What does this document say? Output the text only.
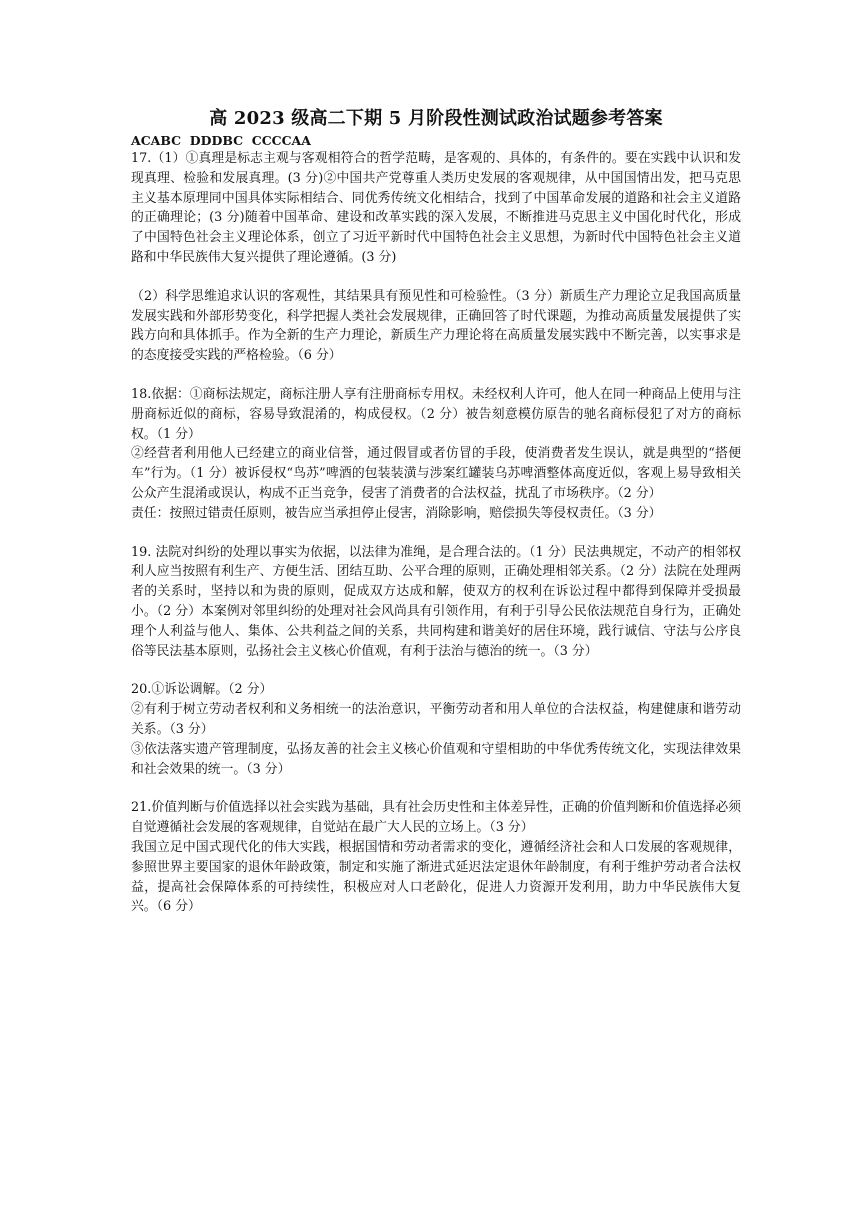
高 2023 级高二下期 5 月阶段性测试政治试题参考答案
ACABC  DDDBC  CCCCAA

17.（1）①真理是标志主观与客观相符合的哲学范畴，是客观的、具体的，有条件的。要在实践中认识和发现真理、检验和发展真理。(3 分)②中国共产党尊重人类历史发展的客观规律，从中国国情出发，把马克思主义基本原理同中国具体实际相结合、同优秀传统文化相结合，找到了中国革命发展的道路和社会主义道路的正确理论；(3 分)随着中国革命、建设和改革实践的深入发展，不断推进马克思主义中国化时代化，形成了中国特色社会主义理论体系，创立了习近平新时代中国特色社会主义思想，为新时代中国特色社会主义道路和中华民族伟大复兴提供了理论遵循。(3 分)

（2）科学思维追求认识的客观性，其结果具有预见性和可检验性。（3 分）新质生产力理论立足我国高质量发展实践和外部形势变化，科学把握人类社会发展规律，正确回答了时代课题，为推动高质量发展提供了实践方向和具体抓手。作为全新的生产力理论，新质生产力理论将在高质量发展实践中不断完善，以实事求是的态度接受实践的严格检验。（6 分）

18.依据：①商标法规定，商标注册人享有注册商标专用权。未经权利人许可，他人在同一种商品上使用与注册商标近似的商标，容易导致混淆的，构成侵权。（2 分）被告刻意模仿原告的驰名商标侵犯了对方的商标权。（1 分）

②经营者利用他人已经建立的商业信誉，通过假冒或者仿冒的手段，使消费者发生误认，就是典型的“搭便车”行为。（1 分）被诉侵权“鸟苏”啤酒的包装装潢与涉案红罐装乌苏啤酒整体高度近似，客观上易导致相关公众产生混淆或误认，构成不正当竞争，侵害了消费者的合法权益，扰乱了市场秩序。（2 分）

责任：按照过错责任原则，被告应当承担停止侵害，消除影响，赔偿损失等侵权责任。（3 分）

19. 法院对纠纷的处理以事实为依据，以法律为准绳，是合理合法的。（1 分）民法典规定，不动产的相邻权利人应当按照有利生产、方便生活、团结互助、公平合理的原则，正确处理相邻关系。（2 分）法院在处理两者的关系时，坚持以和为贵的原则，促成双方达成和解，使双方的权利在诉讼过程中都得到保障并受损最小。（2 分）本案例对邻里纠纷的处理对社会风尚具有引领作用，有利于引导公民依法规范自身行为，正确处理个人利益与他人、集体、公共利益之间的关系，共同构建和谐美好的居住环境，践行诚信、守法与公序良俗等民法基本原则，弘扬社会主义核心价值观，有利于法治与德治的统一。（3 分）

20.①诉讼调解。（2 分）

②有利于树立劳动者权利和义务相统一的法治意识，平衡劳动者和用人单位的合法权益，构建健康和谐劳动关系。（3 分）

③依法落实遗产管理制度，弘扬友善的社会主义核心价值观和守望相助的中华优秀传统文化，实现法律效果和社会效果的统一。（3 分）

21.价值判断与价值选择以社会实践为基础，具有社会历史性和主体差异性，正确的价值判断和价值选择必须自觉遵循社会发展的客观规律，自觉站在最广大人民的立场上。（3 分）

我国立足中国式现代化的伟大实践，根据国情和劳动者需求的变化，遵循经济社会和人口发展的客观规律，参照世界主要国家的退休年龄政策，制定和实施了渐进式延迟法定退休年龄制度，有利于维护劳动者合法权益，提高社会保障体系的可持续性，积极应对人口老龄化，促进人力资源开发利用，助力中华民族伟大复兴。（6 分）
